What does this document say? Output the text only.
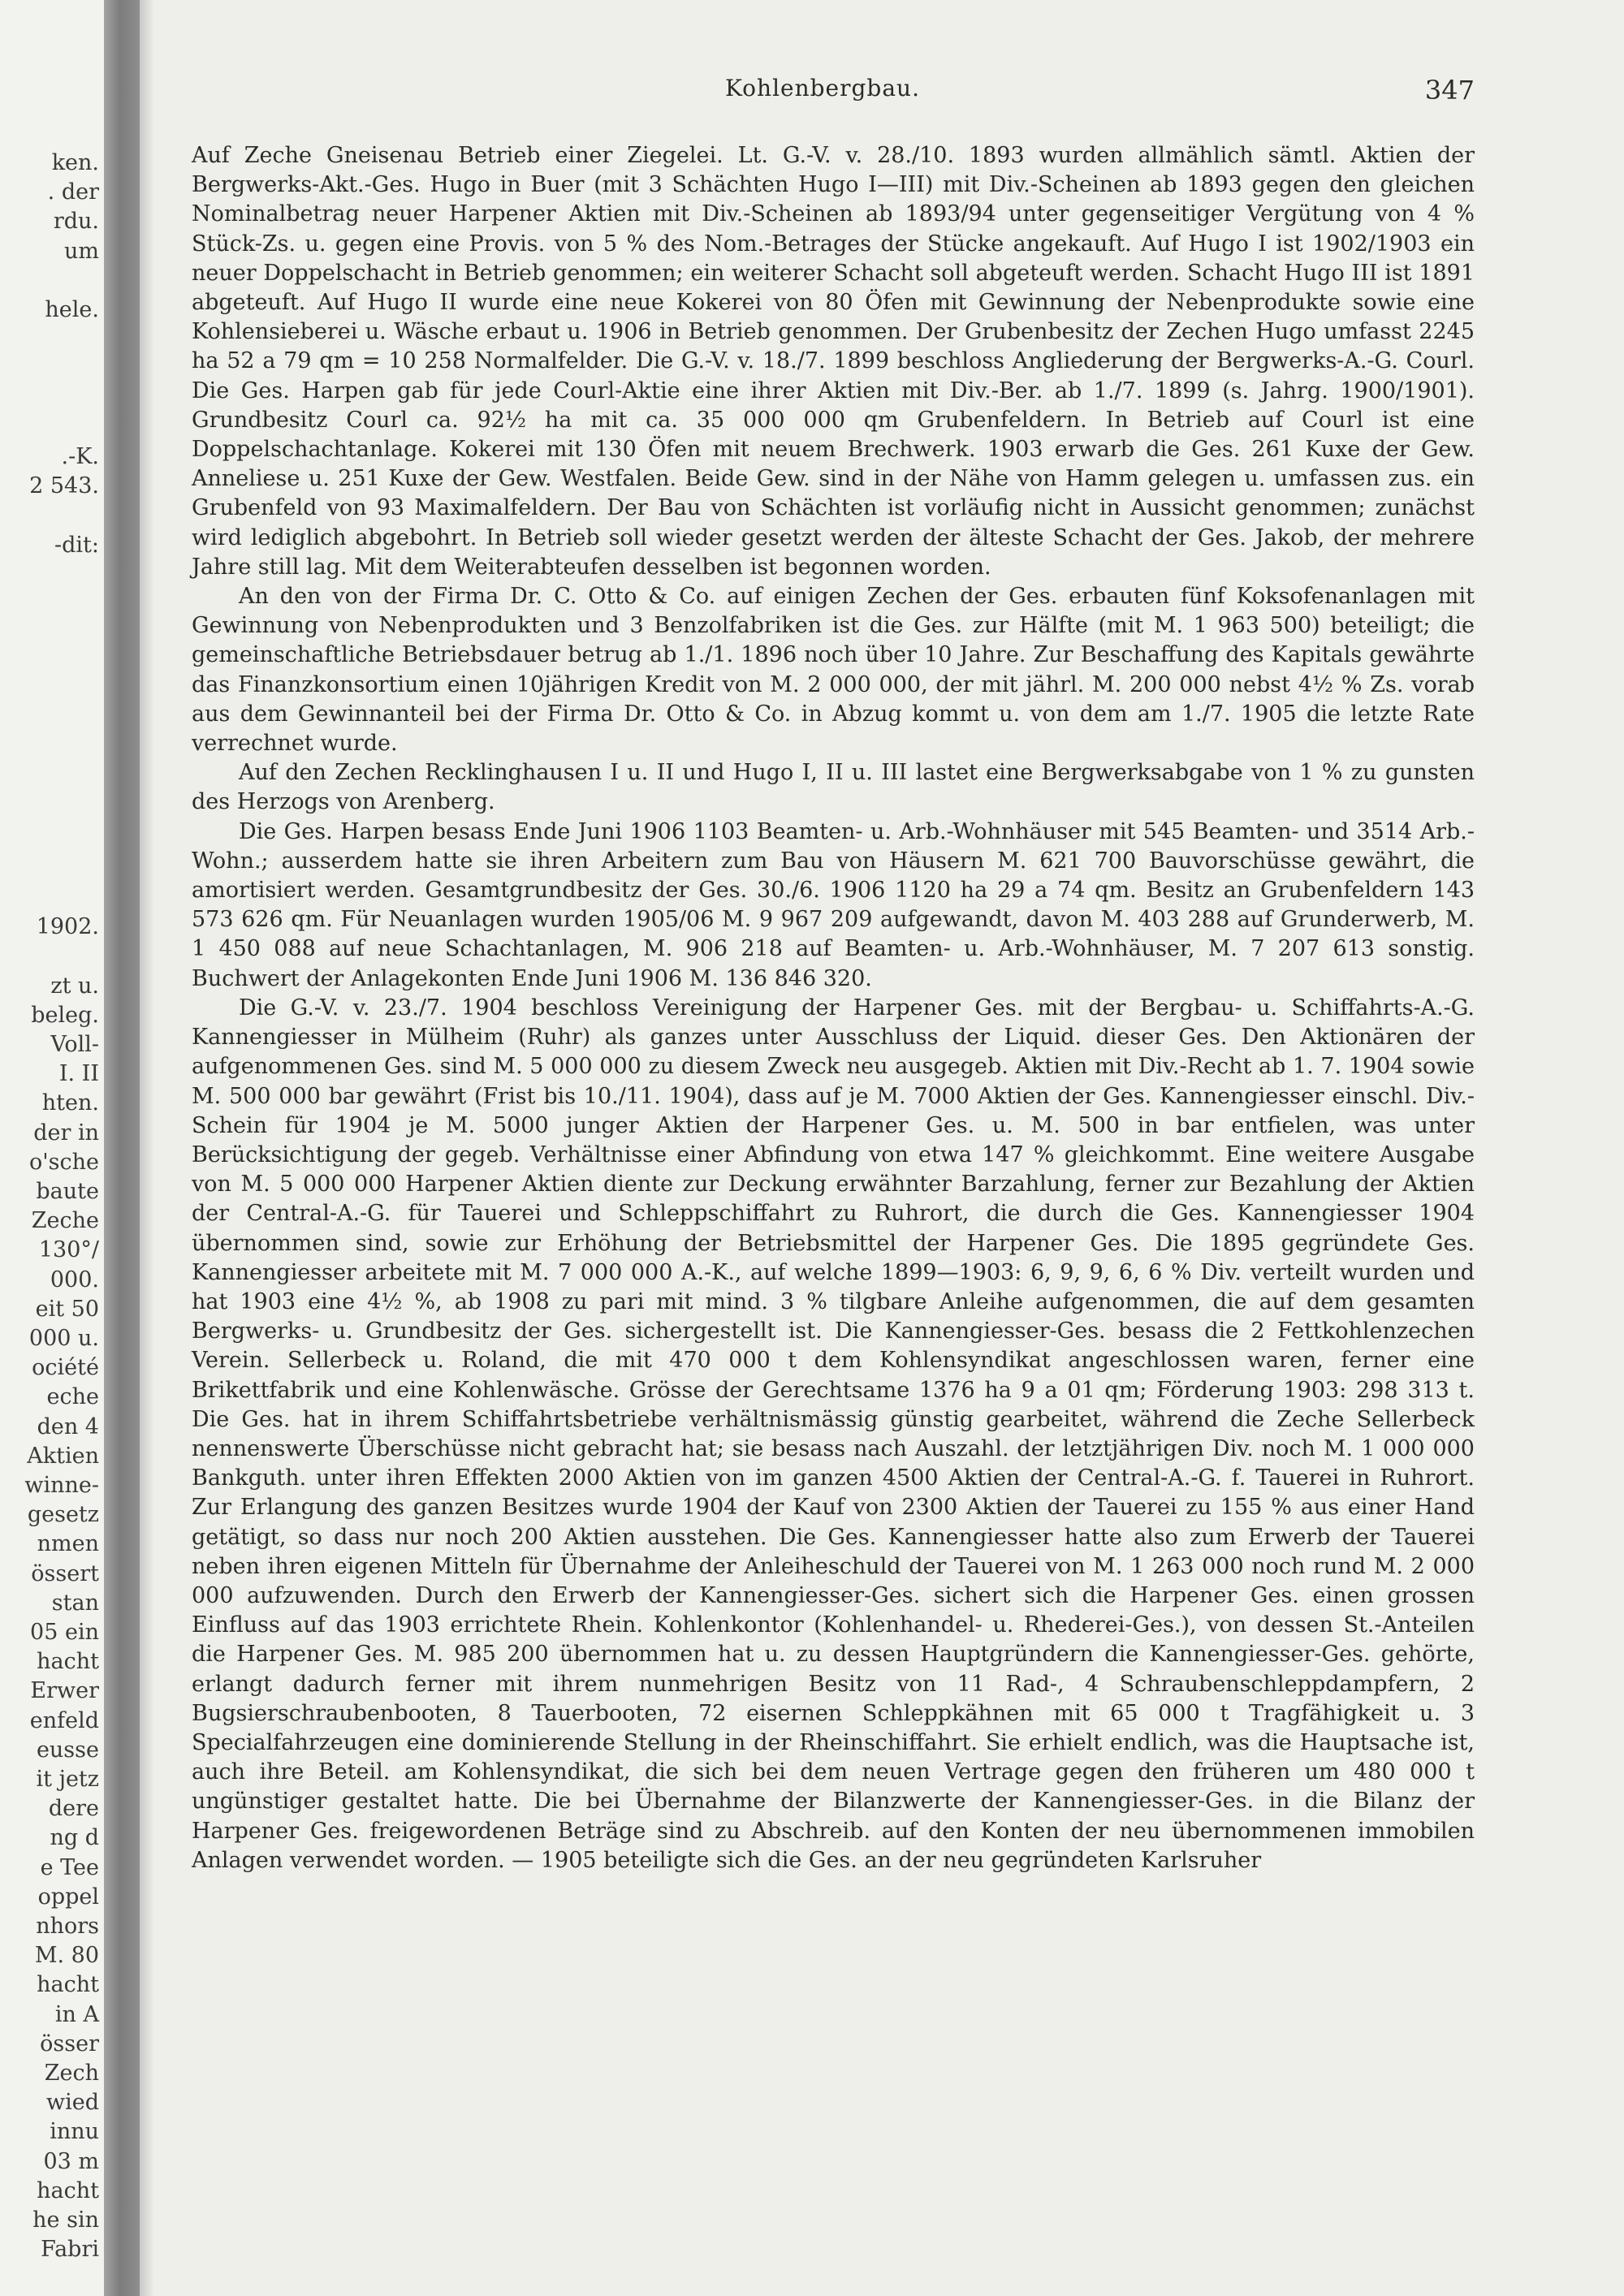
ken.
. der
rdu.
um
hele.
.-K.
2 543.
-dit:
1902.
zt u.
beleg.
Voll-
I. II
hten.
der in
o'sche
baute
Zeche
130°/
000.
eit 50
000 u.
ociété
eche
den 4
Aktien
winne-
gesetz
nmen
össert
stan
05 ein
hacht
Erwer
enfeld
eusse
it jetz
dere
ng d
e Tee
oppel
nhors
M. 80
hacht
in A
össer
Zech
wied
innu
03 m
hacht
he sin
Fabri
Kohlenbergbau.	347

Auf Zeche Gneisenau Betrieb einer Ziegelei. Lt. G.-V. v. 28./10. 1893 wurden allmählich sämtl. Aktien der Bergwerks-Akt.-Ges. Hugo in Buer (mit 3 Schächten Hugo I—III) mit Div.-Scheinen ab 1893 gegen den gleichen Nominalbetrag neuer Harpener Aktien mit Div.-Scheinen ab 1893/94 unter gegenseitiger Vergütung von 4 % Stück-Zs. u. gegen eine Provis. von 5 % des Nom.-Betrages der Stücke angekauft. Auf Hugo I ist 1902/1903 ein neuer Doppelschacht in Betrieb genommen; ein weiterer Schacht soll abgeteuft werden. Schacht Hugo III ist 1891 abgeteuft. Auf Hugo II wurde eine neue Kokerei von 80 Öfen mit Gewinnung der Nebenprodukte sowie eine Kohlensieberei u. Wäsche erbaut u. 1906 in Betrieb genommen. Der Grubenbesitz der Zechen Hugo umfasst 2245 ha 52 a 79 qm = 10 258 Normalfelder. Die G.-V. v. 18./7. 1899 beschloss Angliederung der Bergwerks-A.-G. Courl. Die Ges. Harpen gab für jede Courl-Aktie eine ihrer Aktien mit Div.-Ber. ab 1./7. 1899 (s. Jahrg. 1900/1901). Grundbesitz Courl ca. 92½ ha mit ca. 35 000 000 qm Grubenfeldern. In Betrieb auf Courl ist eine Doppelschachtanlage. Kokerei mit 130 Öfen mit neuem Brechwerk. 1903 erwarb die Ges. 261 Kuxe der Gew. Anneliese u. 251 Kuxe der Gew. Westfalen. Beide Gew. sind in der Nähe von Hamm gelegen u. umfassen zus. ein Grubenfeld von 93 Maximalfeldern. Der Bau von Schächten ist vorläufig nicht in Aussicht genommen; zunächst wird lediglich abgebohrt. In Betrieb soll wieder gesetzt werden der älteste Schacht der Ges. Jakob, der mehrere Jahre still lag. Mit dem Weiterabteufen desselben ist begonnen worden.

An den von der Firma Dr. C. Otto & Co. auf einigen Zechen der Ges. erbauten fünf Koksofenanlagen mit Gewinnung von Nebenprodukten und 3 Benzolfabriken ist die Ges. zur Hälfte (mit M. 1 963 500) beteiligt; die gemeinschaftliche Betriebsdauer betrug ab 1./1. 1896 noch über 10 Jahre. Zur Beschaffung des Kapitals gewährte das Finanzkonsortium einen 10jährigen Kredit von M. 2 000 000, der mit jährl. M. 200 000 nebst 4½ % Zs. vorab aus dem Gewinnanteil bei der Firma Dr. Otto & Co. in Abzug kommt u. von dem am 1./7. 1905 die letzte Rate verrechnet wurde.

Auf den Zechen Recklinghausen I u. II und Hugo I, II u. III lastet eine Bergwerksabgabe von 1 % zu gunsten des Herzogs von Arenberg.

Die Ges. Harpen besass Ende Juni 1906 1103 Beamten- u. Arb.-Wohnhäuser mit 545 Beamten- und 3514 Arb.-Wohn.; ausserdem hatte sie ihren Arbeitern zum Bau von Häusern M. 621 700 Bauvorschüsse gewährt, die amortisiert werden. Gesamtgrundbesitz der Ges. 30./6. 1906 1120 ha 29 a 74 qm. Besitz an Grubenfeldern 143 573 626 qm. Für Neuanlagen wurden 1905/06 M. 9 967 209 aufgewandt, davon M. 403 288 auf Grunderwerb, M. 1 450 088 auf neue Schachtanlagen, M. 906 218 auf Beamten- u. Arb.-Wohnhäuser, M. 7 207 613 sonstig. Buchwert der Anlagekonten Ende Juni 1906 M. 136 846 320.

Die G.-V. v. 23./7. 1904 beschloss Vereinigung der Harpener Ges. mit der Bergbau- u. Schiffahrts-A.-G. Kannengiesser in Mülheim (Ruhr) als ganzes unter Ausschluss der Liquid. dieser Ges. Den Aktionären der aufgenommenen Ges. sind M. 5 000 000 zu diesem Zweck neu ausgegeb. Aktien mit Div.-Recht ab 1. 7. 1904 sowie M. 500 000 bar gewährt (Frist bis 10./11. 1904), dass auf je M. 7000 Aktien der Ges. Kannengiesser einschl. Div.-Schein für 1904 je M. 5000 junger Aktien der Harpener Ges. u. M. 500 in bar entfielen, was unter Berücksichtigung der gegeb. Verhältnisse einer Abfindung von etwa 147 % gleichkommt. Eine weitere Ausgabe von M. 5 000 000 Harpener Aktien diente zur Deckung erwähnter Barzahlung, ferner zur Bezahlung der Aktien der Central-A.-G. für Tauerei und Schleppschiffahrt zu Ruhrort, die durch die Ges. Kannengiesser 1904 übernommen sind, sowie zur Erhöhung der Betriebsmittel der Harpener Ges. Die 1895 gegründete Ges. Kannengiesser arbeitete mit M. 7 000 000 A.-K., auf welche 1899—1903: 6, 9, 9, 6, 6 % Div. verteilt wurden und hat 1903 eine 4½ %, ab 1908 zu pari mit mind. 3 % tilgbare Anleihe aufgenommen, die auf dem gesamten Bergwerks- u. Grundbesitz der Ges. sichergestellt ist. Die Kannengiesser-Ges. besass die 2 Fettkohlenzechen Verein. Sellerbeck u. Roland, die mit 470 000 t dem Kohlensyndikat angeschlossen waren, ferner eine Brikettfabrik und eine Kohlenwäsche. Grösse der Gerechtsame 1376 ha 9 a 01 qm; Förderung 1903: 298 313 t. Die Ges. hat in ihrem Schiffahrtsbetriebe verhältnismässig günstig gearbeitet, während die Zeche Sellerbeck nennenswerte Überschüsse nicht gebracht hat; sie besass nach Auszahl. der letztjährigen Div. noch M. 1 000 000 Bankguth. unter ihren Effekten 2000 Aktien von im ganzen 4500 Aktien der Central-A.-G. f. Tauerei in Ruhrort. Zur Erlangung des ganzen Besitzes wurde 1904 der Kauf von 2300 Aktien der Tauerei zu 155 % aus einer Hand getätigt, so dass nur noch 200 Aktien ausstehen. Die Ges. Kannengiesser hatte also zum Erwerb der Tauerei neben ihren eigenen Mitteln für Übernahme der Anleiheschuld der Tauerei von M. 1 263 000 noch rund M. 2 000 000 aufzuwenden. Durch den Erwerb der Kannengiesser-Ges. sichert sich die Harpener Ges. einen grossen Einfluss auf das 1903 errichtete Rhein. Kohlenkontor (Kohlenhandel- u. Rhederei-Ges.), von dessen St.-Anteilen die Harpener Ges. M. 985 200 übernommen hat u. zu dessen Hauptgründern die Kannengiesser-Ges. gehörte, erlangt dadurch ferner mit ihrem nunmehrigen Besitz von 11 Rad-, 4 Schraubenschleppdampfern, 2 Bugsierschraubenbooten, 8 Tauerbooten, 72 eisernen Schleppkähnen mit 65 000 t Tragfähigkeit u. 3 Specialfahrzeugen eine dominierende Stellung in der Rheinschiffahrt. Sie erhielt endlich, was die Hauptsache ist, auch ihre Beteil. am Kohlensyndikat, die sich bei dem neuen Vertrage gegen den früheren um 480 000 t ungünstiger gestaltet hatte. Die bei Übernahme der Bilanzwerte der Kannengiesser-Ges. in die Bilanz der Harpener Ges. freigewordenen Beträge sind zu Abschreib. auf den Konten der neu übernommenen immobilen Anlagen verwendet worden. — 1905 beteiligte sich die Ges. an der neu gegründeten Karlsruher
